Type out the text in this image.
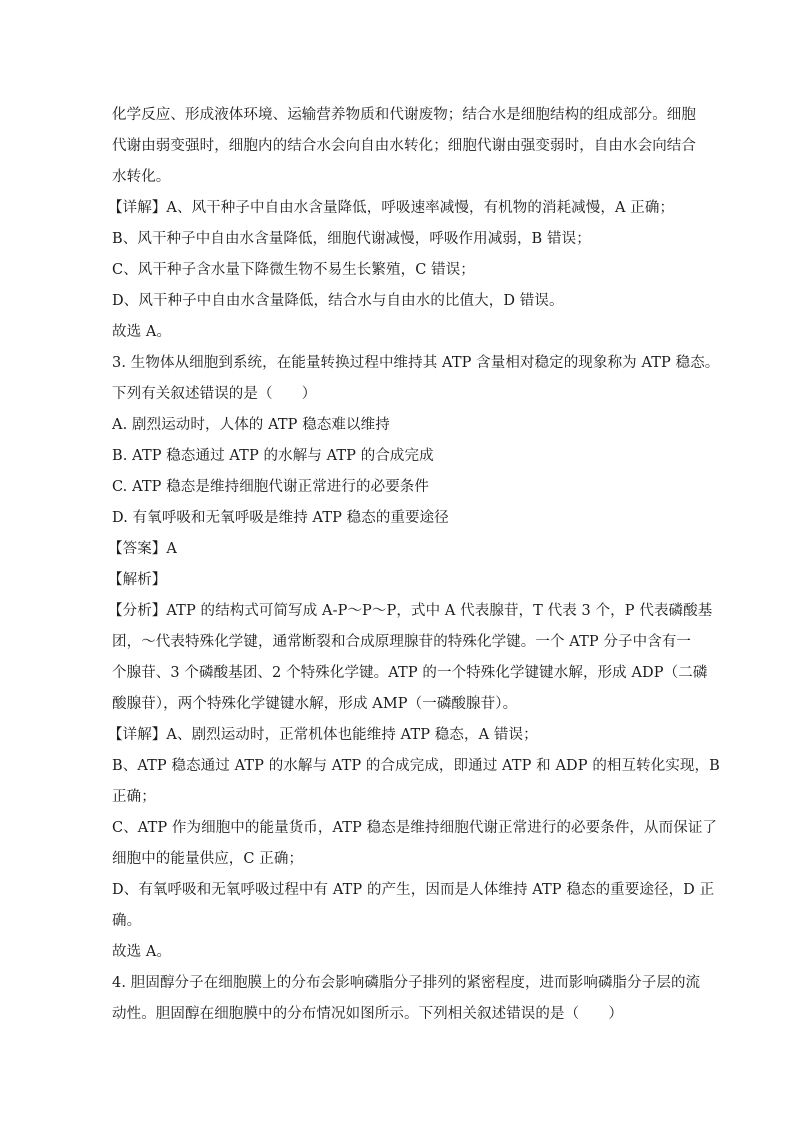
化学反应、形成液体环境、运输营养物质和代谢废物；结合水是细胞结构的组成部分。细胞
代谢由弱变强时，细胞内的结合水会向自由水转化；细胞代谢由强变弱时，自由水会向结合
水转化。
【详解】A、风干种子中自由水含量降低，呼吸速率减慢，有机物的消耗减慢，A 正确；
B、风干种子中自由水含量降低，细胞代谢减慢，呼吸作用减弱，B 错误；
C、风干种子含水量下降微生物不易生长繁殖，C 错误；
D、风干种子中自由水含量降低，结合水与自由水的比值大，D 错误。
故选 A。
3. 生物体从细胞到系统，在能量转换过程中维持其 ATP 含量相对稳定的现象称为 ATP 稳态。
下列有关叙述错误的是（　　）
A. 剧烈运动时，人体的 ATP 稳态难以维持
B. ATP 稳态通过 ATP 的水解与 ATP 的合成完成
C. ATP 稳态是维持细胞代谢正常进行的必要条件
D. 有氧呼吸和无氧呼吸是维持 ATP 稳态的重要途径
【答案】A
【解析】
【分析】ATP 的结构式可简写成 A-P～P～P，式中 A 代表腺苷，T 代表 3 个，P 代表磷酸基
团，～代表特殊化学键，通常断裂和合成原理腺苷的特殊化学键。一个 ATP 分子中含有一
个腺苷、3 个磷酸基团、2 个特殊化学键。ATP 的一个特殊化学键键水解，形成 ADP（二磷
酸腺苷），两个特殊化学键键水解，形成 AMP（一磷酸腺苷）。
【详解】A、剧烈运动时，正常机体也能维持 ATP 稳态，A 错误；
B、ATP 稳态通过 ATP 的水解与 ATP 的合成完成，即通过 ATP 和 ADP 的相互转化实现，B
正确；
C、ATP 作为细胞中的能量货币，ATP 稳态是维持细胞代谢正常进行的必要条件，从而保证了
细胞中的能量供应，C 正确；
D、有氧呼吸和无氧呼吸过程中有 ATP 的产生，因而是人体维持 ATP 稳态的重要途径，D 正
确。
故选 A。
4. 胆固醇分子在细胞膜上的分布会影响磷脂分子排列的紧密程度，进而影响磷脂分子层的流
动性。胆固醇在细胞膜中的分布情况如图所示。下列相关叙述错误的是（　　）
